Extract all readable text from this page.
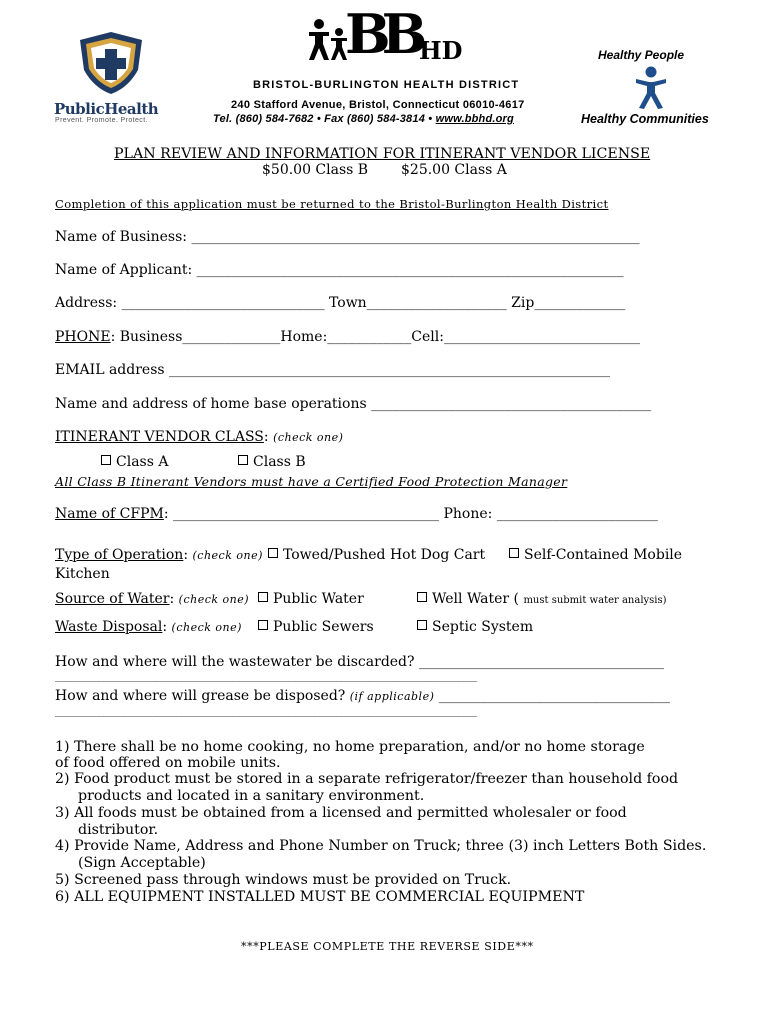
PublicHealth
Prevent. Promote. Protect.
BB HD	Healthy People
Healthy Communities
BRISTOL-BURLINGTON HEALTH DISTRICT
240 Stafford Avenue, Bristol, Connecticut 06010-4617
Tel. (860) 584-7682 • Fax (860) 584-3814 • www.bbhd.org
PLAN REVIEW AND INFORMATION FOR ITINERANT VENDOR LICENSE
$50.00 Class B $25.00 Class A
Completion of this application must be returned to the Bristol-Burlington Health District
Name of Business: ________________________________________________________________
Name of Applicant: _____________________________________________________________
Address: _____________________________ Town____________________ Zip_____________
PHONE: Business______________Home:____________Cell:____________________________
EMAIL address _______________________________________________________________
Name and address of home base operations ________________________________________
ITINERANT VENDOR CLASS: (check one)
Class A	Class B
All Class B Itinerant Vendors must have a Certified Food Protection Manager
Name of CFPM: ______________________________________ Phone: _______________________
Type of Operation: (check one)	Towed/Pushed Hot Dog Cart	Self-Contained Mobile
Kitchen
Source of Water: (check one)	Public Water	Well Water ( must submit water analysis)
Waste Disposal: (check one)	Public Sewers	Septic System
How and where will the wastewater be discarded? ___________________________________
__________________________________________________________________________________
How and where will grease be disposed? (if applicable) _________________________________
__________________________________________________________________________________
1) There shall be no home cooking, no home preparation, and/or no home storage
of food offered on mobile units.
2) Food product must be stored in a separate refrigerator/freezer than household food
products and located in a sanitary environment.
3) All foods must be obtained from a licensed and permitted wholesaler or food
distributor.
4) Provide Name, Address and Phone Number on Truck; three (3) inch Letters Both Sides.
(Sign Acceptable)
5) Screened pass through windows must be provided on Truck.
6) ALL EQUIPMENT INSTALLED MUST BE COMMERCIAL EQUIPMENT
***PLEASE COMPLETE THE REVERSE SIDE***
